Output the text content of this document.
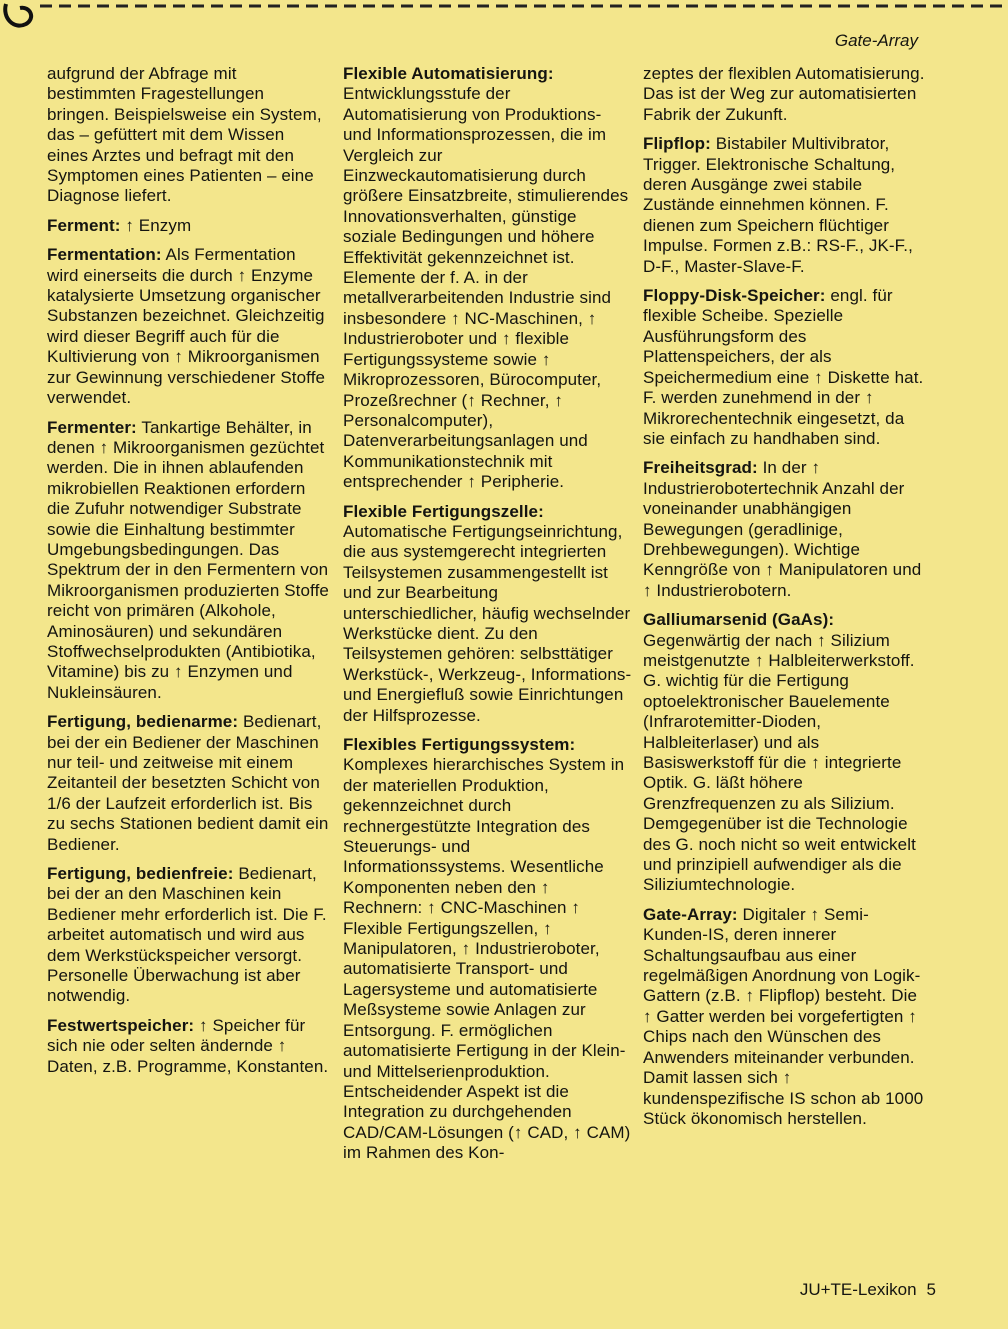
Gate-Array
aufgrund der Abfrage mit bestimmten Fragestellungen bringen. Beispielsweise ein System, das – gefüttert mit dem Wissen eines Arztes und befragt mit den Symptomen eines Patienten – eine Diagnose liefert.
Ferment: ↑ Enzym
Fermentation: Als Fermentation wird einerseits die durch ↑ Enzyme katalysierte Umsetzung organischer Substanzen bezeichnet. Gleichzeitig wird dieser Begriff auch für die Kultivierung von ↑ Mikroorganismen zur Gewinnung verschiedener Stoffe verwendet.
Fermenter: Tankartige Behälter, in denen ↑ Mikroorganismen gezüchtet werden. Die in ihnen ablaufenden mikrobiellen Reaktionen erfordern die Zufuhr notwendiger Substrate sowie die Einhaltung bestimmter Umgebungsbedingungen. Das Spektrum der in den Fermentern von Mikroorganismen produzierten Stoffe reicht von primären (Alkohole, Aminosäuren) und sekundären Stoffwechselprodukten (Antibiotika, Vitamine) bis zu ↑ Enzymen und Nukleinsäuren.
Fertigung, bedienarme: Bedienart, bei der ein Bediener der Maschinen nur teil- und zeitweise mit einem Zeitanteil der besetzten Schicht von 1/6 der Laufzeit erforderlich ist. Bis zu sechs Stationen bedient damit ein Bediener.
Fertigung, bedienfreie: Bedienart, bei der an den Maschinen kein Bediener mehr erforderlich ist. Die F. arbeitet automatisch und wird aus dem Werkstückspeicher versorgt. Personelle Überwachung ist aber notwendig.
Festwertspeicher: ↑ Speicher für sich nie oder selten ändernde ↑ Daten, z.B. Programme, Konstanten.
Flexible Automatisierung: Entwicklungsstufe der Automatisierung von Produktions- und Informationsprozessen, die im Vergleich zur Einzweckautomatisierung durch größere Einsatzbreite, stimulierendes Innovationsverhalten, günstige soziale Bedingungen und höhere Effektivität gekennzeichnet ist. Elemente der f. A. in der metallverarbeitenden Industrie sind insbesondere ↑ NC-Maschinen, ↑ Industrieroboter und ↑ flexible Fertigungssysteme sowie ↑ Mikroprozessoren, Bürocomputer, Prozeßrechner (↑ Rechner, ↑ Personalcomputer), Datenverarbeitungsanlagen und Kommunikationstechnik mit entsprechender ↑ Peripherie.
Flexible Fertigungszelle: Automatische Fertigungseinrichtung, die aus systemgerecht integrierten Teilsystemen zusammengestellt ist und zur Bearbeitung unterschiedlicher, häufig wechselnder Werkstücke dient. Zu den Teilsystemen gehören: selbsttätiger Werkstück-, Werkzeug-, Informations- und Energiefluß sowie Einrichtungen der Hilfsprozesse.
Flexibles Fertigungssystem: Komplexes hierarchisches System in der materiellen Produktion, gekennzeichnet durch rechnergestützte Integration des Steuerungs- und Informationssystems. Wesentliche Komponenten neben den ↑ Rechnern: ↑ CNC-Maschinen ↑ Flexible Fertigungszellen, ↑ Manipulatoren, ↑ Industrieroboter, automatisierte Transport- und Lagersysteme und automatisierte Meßsysteme sowie Anlagen zur Entsorgung. F. ermöglichen automatisierte Fertigung in der Klein- und Mittelserienproduktion. Entscheidender Aspekt ist die Integration zu durchgehenden CAD/CAM-Lösungen (↑ CAD, ↑ CAM) im Rahmen des Kon-
zeptes der flexiblen Automatisierung. Das ist der Weg zur automatisierten Fabrik der Zukunft.
Flipflop: Bistabiler Multivibrator, Trigger. Elektronische Schaltung, deren Ausgänge zwei stabile Zustände einnehmen können. F. dienen zum Speichern flüchtiger Impulse. Formen z.B.: RS-F., JK-F., D-F., Master-Slave-F.
Floppy-Disk-Speicher: engl. für flexible Scheibe. Spezielle Ausführungsform des Plattenspeichers, der als Speichermedium eine ↑ Diskette hat. F. werden zunehmend in der ↑ Mikrorechentechnik eingesetzt, da sie einfach zu handhaben sind.
Freiheitsgrad: In der ↑ Industrierobotertechnik Anzahl der voneinander unabhängigen Bewegungen (geradlinige, Drehbewegungen). Wichtige Kenngröße von ↑ Manipulatoren und ↑ Industrierobotern.
Galliumarsenid (GaAs): Gegenwärtig der nach ↑ Silizium meistgenutzte ↑ Halbleiterwerkstoff. G. wichtig für die Fertigung optoelektronischer Bauelemente (Infrarotemitter-Dioden, Halbleiterlaser) und als Basiswerkstoff für die ↑ integrierte Optik. G. läßt höhere Grenzfrequenzen zu als Silizium. Demgegenüber ist die Technologie des G. noch nicht so weit entwickelt und prinzipiell aufwendiger als die Siliziumtechnologie.
Gate-Array: Digitaler ↑ Semi-Kunden-IS, deren innerer Schaltungsaufbau aus einer regelmäßigen Anordnung von Logik-Gattern (z.B. ↑ Flipflop) besteht. Die ↑ Gatter werden bei vorgefertigten ↑ Chips nach den Wünschen des Anwenders miteinander verbunden. Damit lassen sich ↑ kundenspezifische IS schon ab 1000 Stück ökonomisch herstellen.
JU+TE-Lexikon 5
